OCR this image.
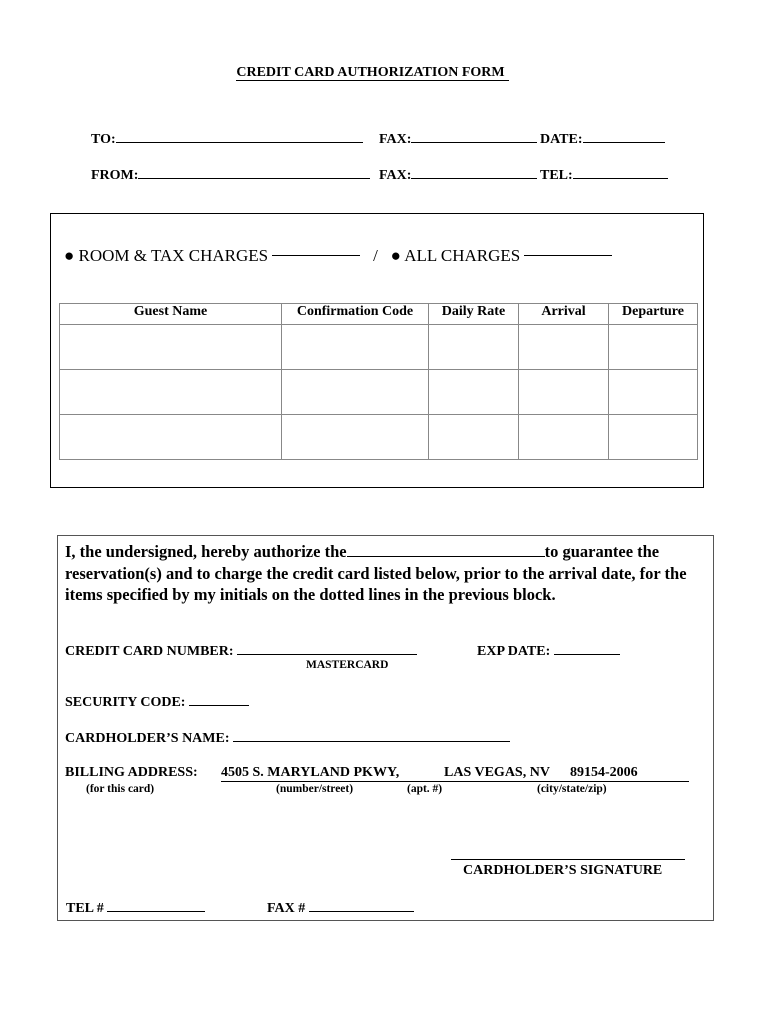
CREDIT CARD AUTHORIZATION FORM
TO:	FAX:	DATE:
FROM:	FAX:	TEL:
● ROOM & TAX CHARGES	/ ● ALL CHARGES
Guest Name	Confirmation Code	Daily Rate	Arrival	Departure

I, the undersigned, hereby authorize the	to guarantee the reservation(s) and to charge the credit card listed below, prior to the arrival date, for the items specified by my initials on the dotted lines in the previous block.
CREDIT CARD NUMBER:
MASTERCARD
EXP DATE:
SECURITY CODE:
CARDHOLDER’S NAME:
BILLING ADDRESS: 4505 S. MARYLAND PKWY,	LAS VEGAS, NV 89154-2006
(for this card)	(number/street)	(apt. #)	(city/state/zip)
CARDHOLDER’S SIGNATURE
TEL #	FAX #
